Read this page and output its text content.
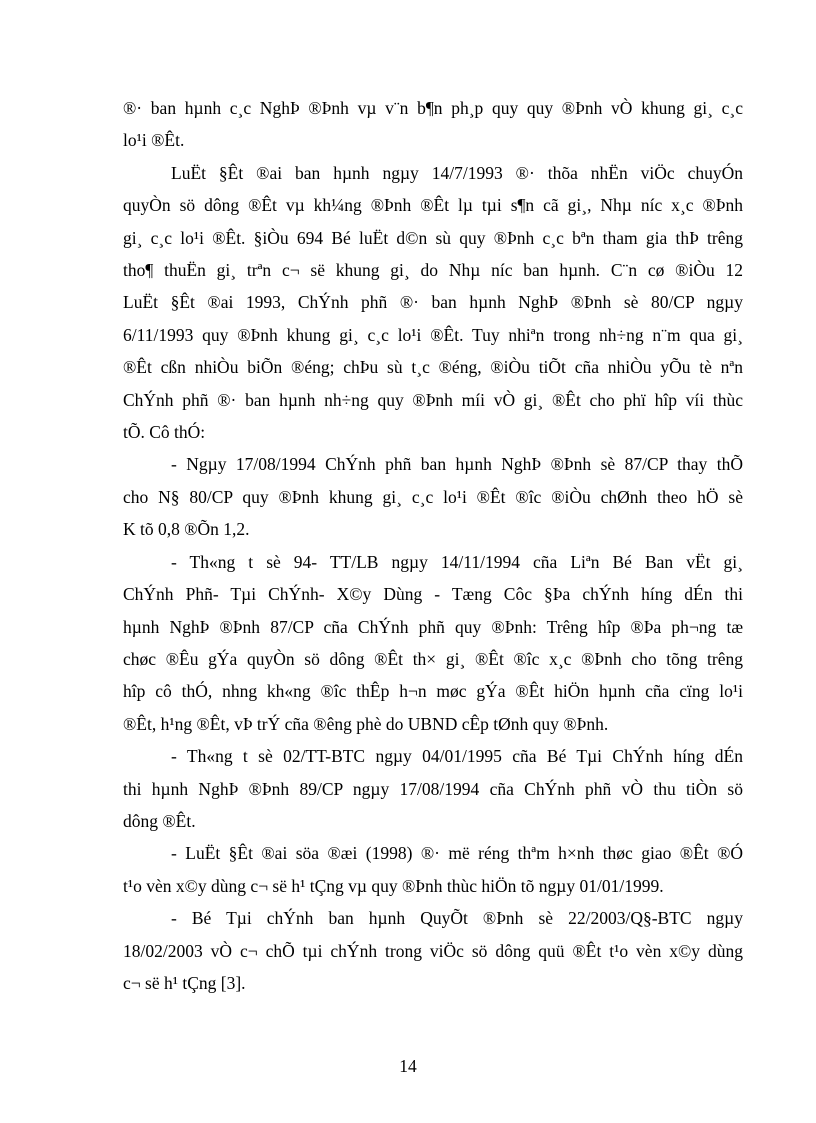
®· ban hµnh c¸c NghÞ ®Þnh vµ v¨n b¶n ph¸p quy quy ®Þnh vÒ khung gi¸ c¸c
lo¹i ®Êt.
LuËt §Êt ®ai ban hµnh ngµy 14/7/1993 ®· thõa nhËn viÖc chuyÓn
quyÒn sö dông ®Êt vµ kh¼ng ®Þnh ®Êt lµ tµi s¶n cã gi¸, Nhµ níc x¸c ®Þnh
gi¸ c¸c lo¹i ®Êt. §iÒu 694 Bé luËt d©n sù quy ®Þnh c¸c bªn tham gia thÞ trêng
tho¶ thuËn gi¸ trªn c¬ së khung gi¸ do Nhµ níc ban hµnh. C¨n cø ®iÒu 12
LuËt §Êt ®ai 1993, ChÝnh phñ ®· ban hµnh NghÞ ®Þnh sè 80/CP ngµy
6/11/1993 quy ®Þnh khung gi¸ c¸c lo¹i ®Êt. Tuy nhiªn trong nh÷ng n¨m qua gi¸
®Êt cßn nhiÒu biÕn ®éng; chÞu sù t¸c ®éng, ®iÒu tiÕt cña nhiÒu yÕu tè nªn
ChÝnh phñ ®· ban hµnh nh÷ng quy ®Þnh míi vÒ gi¸ ®Êt cho phï hîp víi thùc
tÕ. Cô thÓ:
- Ngµy 17/08/1994 ChÝnh phñ ban hµnh NghÞ ®Þnh sè 87/CP thay thÕ
cho N§ 80/CP quy ®Þnh khung gi¸ c¸c lo¹i ®Êt ®îc ®iÒu chØnh theo hÖ sè
K tõ 0,8 ®Õn 1,2.
- Th«ng t sè 94- TT/LB ngµy 14/11/1994 cña Liªn Bé Ban vËt gi¸
ChÝnh Phñ- Tµi ChÝnh- X©y Dùng - Tæng Côc §Þa chÝnh híng dÉn thi
hµnh NghÞ ®Þnh 87/CP cña ChÝnh phñ quy ®Þnh: Trêng hîp ®Þa ph¬ng tæ
chøc ®Êu gÝa quyÒn sö dông ®Êt th× gi¸ ®Êt ®îc x¸c ®Þnh cho tõng trêng
hîp cô thÓ, nhng kh«ng ®îc thÊp h¬n møc gÝa ®Êt hiÖn hµnh cña cïng lo¹i
®Êt, h¹ng ®Êt, vÞ trÝ cña ®êng phè do UBND cÊp tØnh quy ®Þnh.
- Th«ng t sè 02/TT-BTC ngµy 04/01/1995 cña Bé Tµi ChÝnh híng dÉn
thi hµnh NghÞ ®Þnh 89/CP ngµy 17/08/1994 cña ChÝnh phñ vÒ thu tiÒn sö
dông ®Êt.
- LuËt §Êt ®ai söa ®æi (1998) ®· më réng thªm h×nh thøc giao ®Êt ®Ó
t¹o vèn x©y dùng c¬ së h¹ tÇng vµ quy ®Þnh thùc hiÖn tõ ngµy 01/01/1999.
- Bé Tµi chÝnh ban hµnh QuyÕt ®Þnh sè 22/2003/Q§-BTC ngµy
18/02/2003 vÒ c¬ chÕ tµi chÝnh trong viÖc sö dông quü ®Êt t¹o vèn x©y dùng
c¬ së h¹ tÇng [3].
14
